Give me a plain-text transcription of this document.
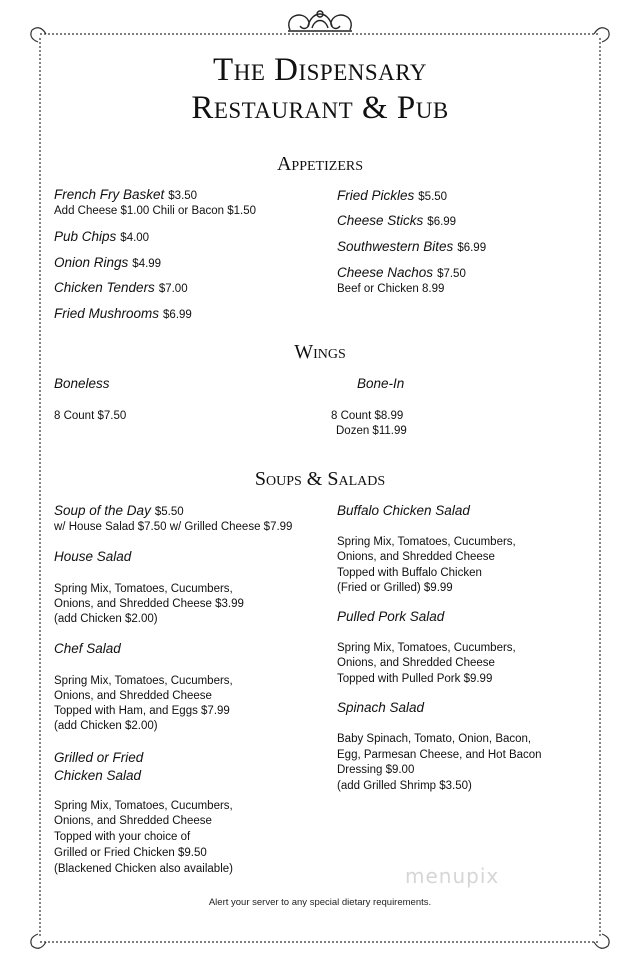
The Dispensary
Restaurant & Pub
Appetizers
French Fry Basket $3.50
Add Cheese $1.00 Chili or Bacon $1.50
Pub Chips $4.00
Onion Rings $4.99
Chicken Tenders $7.00
Fried Mushrooms $6.99
Fried Pickles $5.50
Cheese Sticks $6.99
Southwestern Bites $6.99
Cheese Nachos $7.50
Beef or Chicken 8.99
Wings
Boneless
8 Count $7.50
Bone-In
8 Count $8.99
Dozen $11.99
Soups & Salads
Soup of the Day $5.50
w/ House Salad $7.50 w/ Grilled Cheese $7.99
House Salad
Spring Mix, Tomatoes, Cucumbers,
Onions, and Shredded Cheese $3.99
(add Chicken $2.00)
Chef Salad
Spring Mix, Tomatoes, Cucumbers,
Onions, and Shredded Cheese
Topped with Ham, and Eggs $7.99
(add Chicken $2.00)
Grilled or Fried
Chicken Salad
Spring Mix, Tomatoes, Cucumbers,
Onions, and Shredded Cheese
Topped with your choice of
Grilled or Fried Chicken $9.50
(Blackened Chicken also available)
Buffalo Chicken Salad
Spring Mix, Tomatoes, Cucumbers,
Onions, and Shredded Cheese
Topped with Buffalo Chicken
(Fried or Grilled) $9.99
Pulled Pork Salad
Spring Mix, Tomatoes, Cucumbers,
Onions, and Shredded Cheese
Topped with Pulled Pork $9.99
Spinach Salad
Baby Spinach, Tomato, Onion, Bacon,
Egg, Parmesan Cheese, and Hot Bacon
Dressing $9.00
(add Grilled Shrimp $3.50)
menupix
Alert your server to any special dietary requirements.
